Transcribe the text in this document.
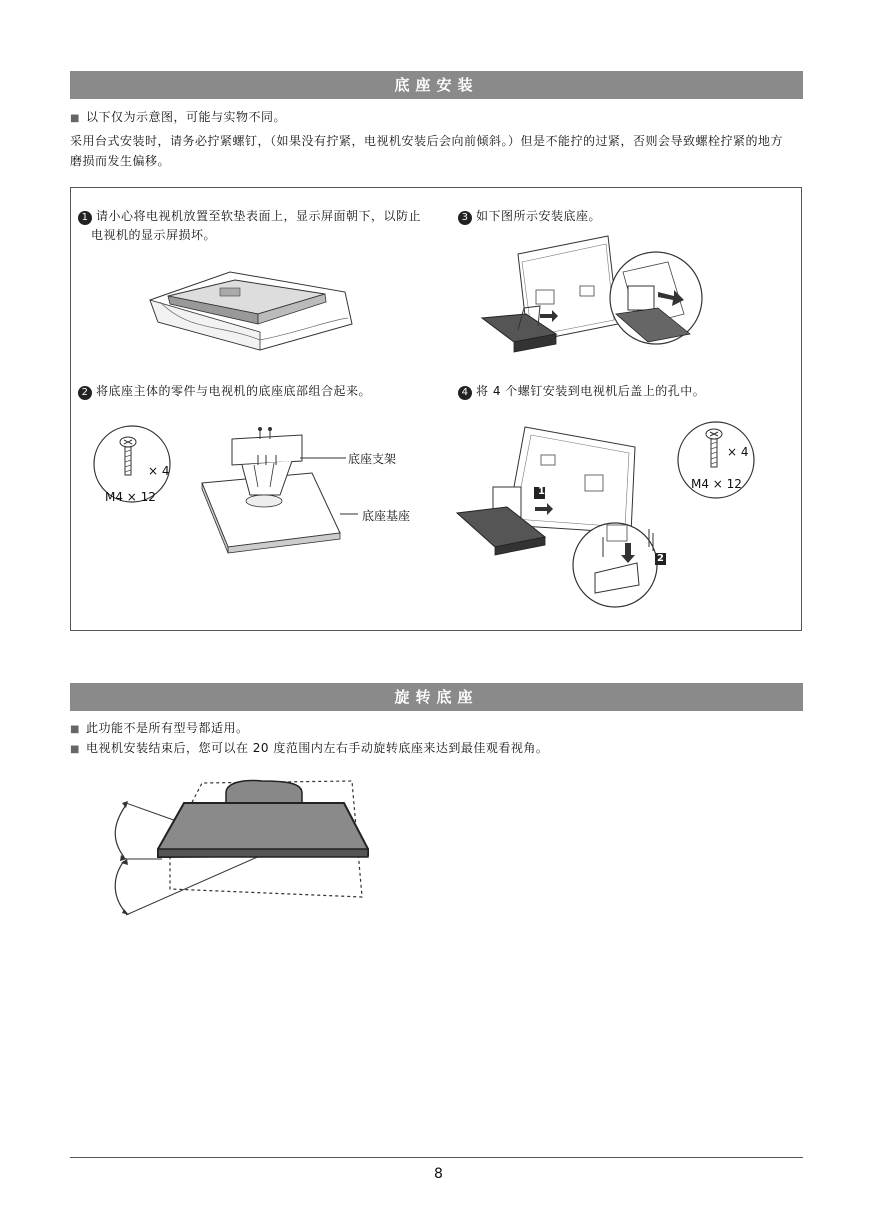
底座安装
■ 以下仅为示意图，可能与实物不同。
采用台式安装时，请务必拧紧螺钉，（如果没有拧紧，电视机安装后会向前倾斜。）但是不能拧的过紧，否则会导致螺栓拧紧的地方
磨损而发生偏移。
1 请小心将电视机放置至软垫表面上，显示屏面朝下，以防止
电视机的显示屏损坏。
3 如下图所示安装底座。
2 将底座主体的零件与电视机的底座底部组合起来。	4 将 4 个螺钉安装到电视机后盖上的孔中。
× 4
M4 × 12
底座支架
底座基座
1
2
× 4
M4 × 12
旋转底座
■ 此功能不是所有型号都适用。
■ 电视机安装结束后，您可以在 20 度范围内左右手动旋转底座来达到最佳观看视角。
8
